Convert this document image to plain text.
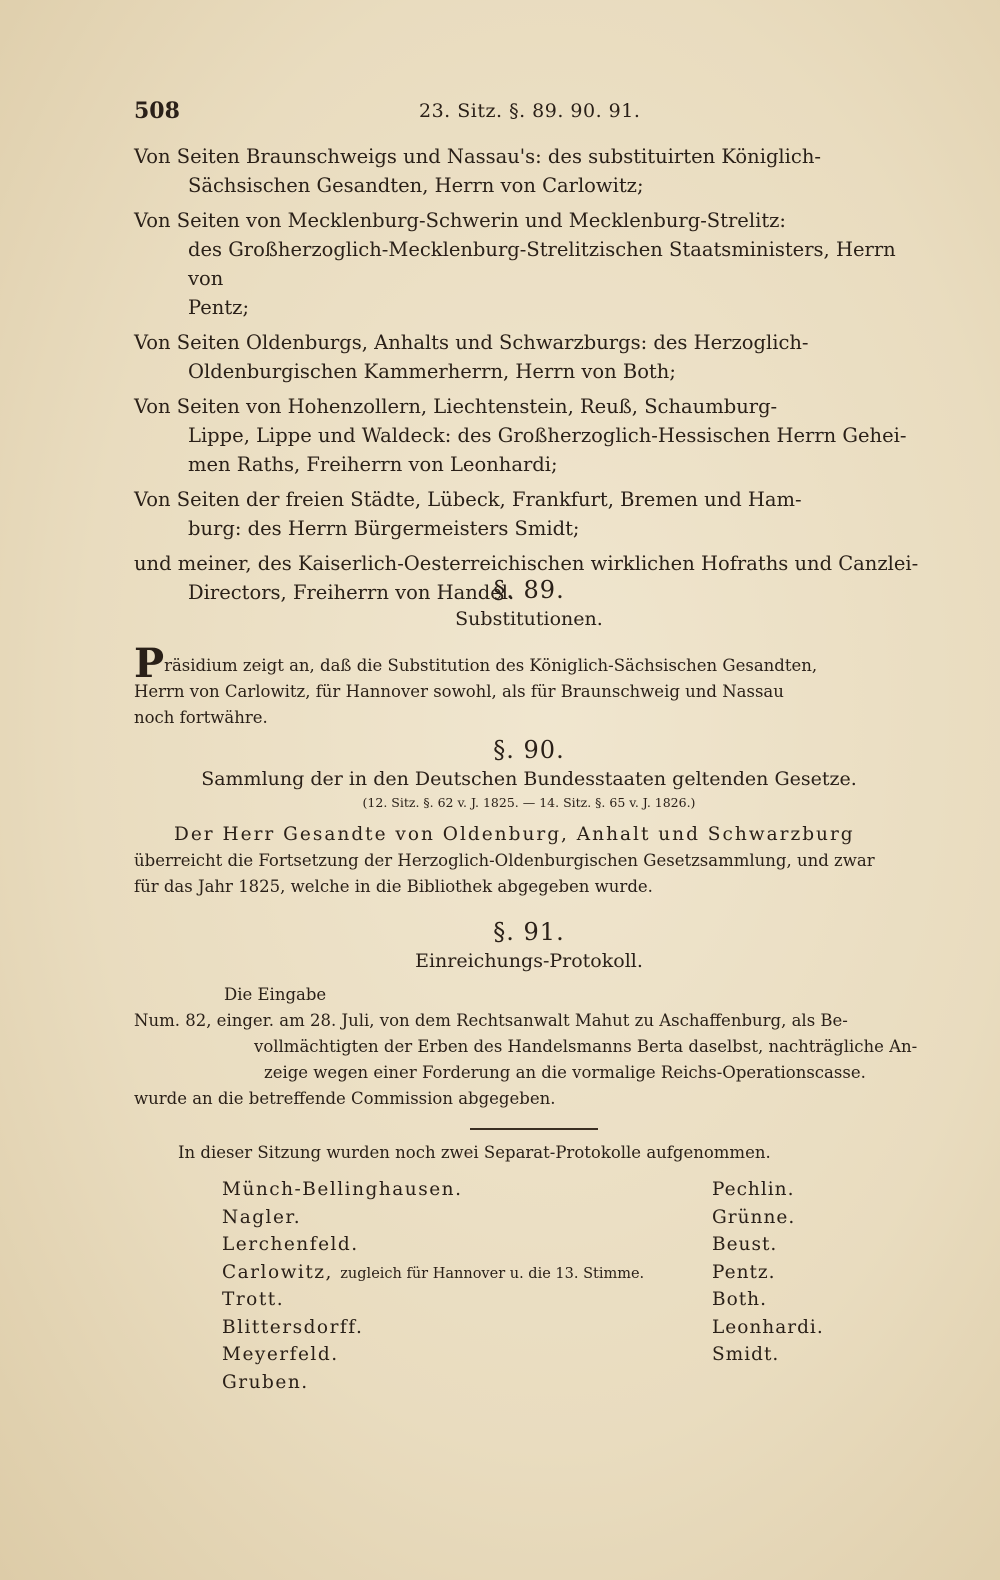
508	23. Sitz. §. 89. 90. 91.

Von Seiten Braunschweigs und Nassau's: des substituirten Königlich-

Sächsischen Gesandten, Herrn von Carlowitz;

Von Seiten von Mecklenburg-Schwerin und Mecklenburg-Strelitz:

des Großherzoglich-Mecklenburg-Strelitzischen Staatsministers, Herrn von

Pentz;

Von Seiten Oldenburgs, Anhalts und Schwarzburgs: des Herzoglich-

Oldenburgischen Kammerherrn, Herrn von Both;

Von Seiten von Hohenzollern, Liechtenstein, Reuß, Schaumburg-

Lippe, Lippe und Waldeck: des Großherzoglich-Hessischen Herrn Gehei-

men Raths, Freiherrn von Leonhardi;

Von Seiten der freien Städte, Lübeck, Frankfurt, Bremen und Ham-

burg: des Herrn Bürgermeisters Smidt;

und meiner, des Kaiserlich-Oesterreichischen wirklichen Hofraths und Canzlei-

Directors, Freiherrn von Handel.

§. 89.

Substitutionen.

Präsidium zeigt an, daß die Substitution des Königlich-Sächsischen Gesandten,

Herrn von Carlowitz, für Hannover sowohl, als für Braunschweig und Nassau

noch fortwähre.

§. 90.

Sammlung der in den Deutschen Bundesstaaten geltenden Gesetze.

(12. Sitz. §. 62 v. J. 1825. — 14. Sitz. §. 65 v. J. 1826.)

Der Herr Gesandte von Oldenburg, Anhalt und Schwarzburg

überreicht die Fortsetzung der Herzoglich-Oldenburgischen Gesetzsammlung, und zwar

für das Jahr 1825, welche in die Bibliothek abgegeben wurde.

§. 91.

Einreichungs-Protokoll.

Die Eingabe

Num. 82, einger. am 28. Juli, von dem Rechtsanwalt Mahut zu Aschaffenburg, als Be-

vollmächtigten der Erben des Handelsmanns Berta daselbst, nachträgliche An-

zeige wegen einer Forderung an die vormalige Reichs-Operationscasse.

wurde an die betreffende Commission abgegeben.

In dieser Sitzung wurden noch zwei Separat-Protokolle aufgenommen.

Münch-Bellinghausen.	Pechlin.
Nagler.	Grünne.
Lerchenfeld.	Beust.
Carlowitz, zugleich für Hannover u. die 13. Stimme.	Pentz.
Trott.	Both.
Blittersdorff.	Leonhardi.
Meyerfeld.	Smidt.
Gruben.
